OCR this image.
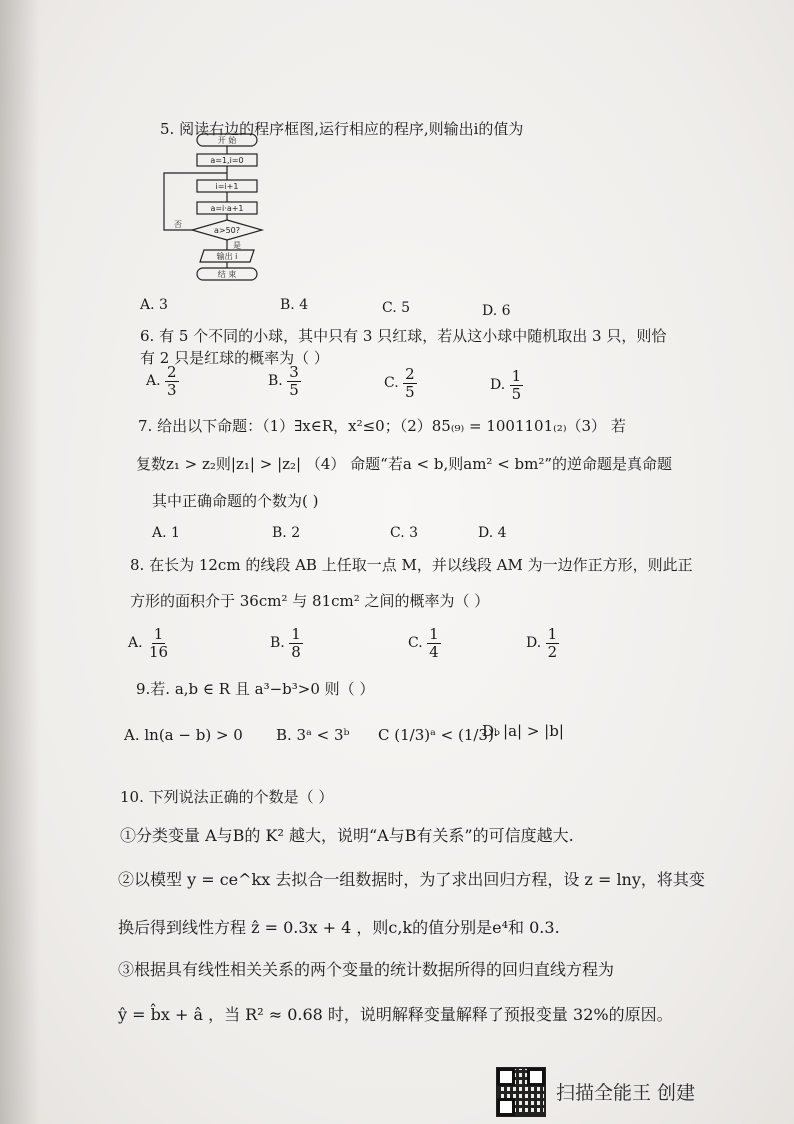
5. 阅读右边的程序框图,运行相应的程序,则输出i的值为
开 始
a=1,i=0
i=i+1
a=i·a+1
a>50?
否
是
输出 i
结 束
A. 3	B. 4	C. 5	D. 6
6. 有 5 个不同的小球，其中只有 3 只红球，若从这小球中随机取出 3 只，则恰
有 2 只是红球的概率为（ ）
A. $\frac{2}{3}$	B. $\frac{3}{5}$	C. $\frac{2}{5}$	D. $\frac{1}{5}$
7. 给出以下命题：（1）∃x∈R，x²≤0；（2）85₍₉₎ = 1001101₍₂₎（3） 若
复数z₁ > z₂则|z₁| > |z₂| （4） 命题“若a < b,则am² < bm²”的逆命题是真命题
其中正确命题的个数为( )
A. 1	B. 2	C. 3	D. 4
8. 在长为 12cm 的线段 AB 上任取一点 M，并以线段 AM 为一边作正方形，则此正
方形的面积介于 36cm² 与 81cm² 之间的概率为（ ）
A. $\frac{1}{16}$	B. $\frac{1}{8}$	C. $\frac{1}{4}$	D. $\frac{1}{2}$
9.若. a,b ∈ R 且 a³−b³>0 则（ ）
A. ln(a − b) > 0 B. 3ᵃ < 3ᵇ C (1/3)ᵃ < (1/3)ᵇ
D. |a| > |b|
10. 下列说法正确的个数是（ ）
①分类变量 A与B的 K² 越大，说明“A与B有关系”的可信度越大.
②以模型 y = ce^kx 去拟合一组数据时，为了求出回归方程，设 z = lny，将其变
换后得到线性方程 ẑ = 0.3x + 4 ，则c,k的值分别是e⁴和 0.3.
③根据具有线性相关关系的两个变量的统计数据所得的回归直线方程为
ŷ = b̂x + â ，当 R² ≈ 0.68 时，说明解释变量解释了预报变量 32%的原因。
扫描全能王 创建
